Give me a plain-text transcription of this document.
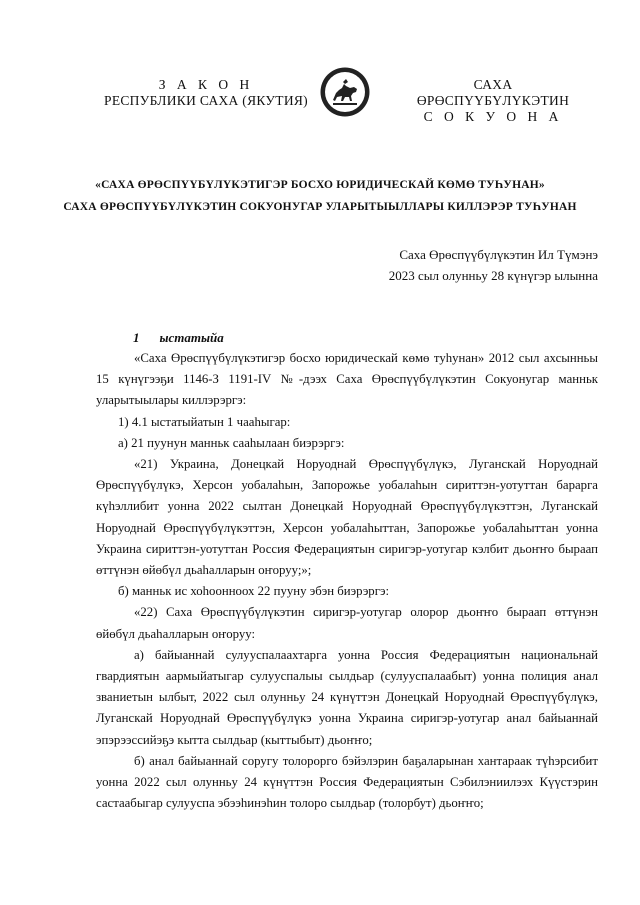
З А К О Н
РЕСПУБЛИКИ САХА (ЯКУТИЯ)
САХА ӨРӨСПҮҮБҮЛҮКЭТИН
С О К У О Н А
«САХА ӨРӨСПҮҮБҮЛҮКЭТИГЭР БОСХО ЮРИДИЧЕСКАЙ КӨМӨ ТУҺУНАН»
САХА ӨРӨСПҮҮБҮЛҮКЭТИН СОКУОНУГАР УЛАРЫТЫЫЛЛАРЫ КИЛЛЭРЭР ТУҺУНАН
Саха Өрөспүүбүлүкэтин Ил Түмэнэ
2023 сыл олунньу 28 күнүгэр ылынна
1 ыстатыйа

«Саха Өрөспүүбүлүкэтигэр босхо юридическай көмө туһунан» 2012 сыл ахсынньы 15 күнүгээҕи 1146-З 1191-IV №-дээх Саха Өрөспүүбүлүкэтин Сокуонугар манньк уларытыылары киллэрэргэ:

1) 4.1 ыстатыйатын 1 чааһыгар:

а) 21 пуунун манньк сааһылаан биэрэргэ:

«21) Украина, Донецкай Норуоднай Өрөспүүбүлүкэ, Луганскай Норуоднай Өрөспүүбүлүкэ, Херсон уобалаһын, Запорожье уобалаһын сириттэн-уотуттан бараргa күһэллибит уонна 2022 сылтан Донецкай Норуоднай Өрөспүүбүлүкэттэн, Луганскай Норуоднай Өрөспүүбүлүкэттэн, Херсон уобалаһыттан, Запорожье уобалаһыттан уонна Украина сириттэн-уотуттан Россия Федерациятын сиригэр-уотугар кэлбит дьоҥҥо быраап өттүнэн өйөбүл дьаһалларын оҥоруу;»;

б) манньк ис хоһоонноох 22 пууну эбэн биэрэргэ:

«22) Саха Өрөспүүбүлүкэтин сиригэр-уотугар олорор дьоҥҥо быраап өттүнэн өйөбүл дьаһалларын оҥоруу:

а) байыаннай сулууспалаахтарга уонна Россия Федерациятын национальнай гвардиятын аармыйатыгар сулууспалыы сылдьар (сулууспалаабыт) уонна полиция анал званиетын ылбыт, 2022 сыл олунньу 24 күнүттэн Донецкай Норуоднай Өрөспүүбүлүкэ, Луганскай Норуоднай Өрөспүүбүлүкэ уонна Украина сиригэр-уотугар анал байыаннай эпэрээссийэҕэ кытта сылдьар (кыттыбыт) дьоҥҥо;

б) анал байыаннай соругу толорорго бэйэлэрин баҕаларынан хантараак түһэрсибит уонна 2022 сыл олунньу 24 күнүттэн Россия Федерациятын Сэбилэниилээх Күүстэрин састаабыгар сулууспа эбээһинэһин толоро сылдьар (толорбут) дьоҥҥо;
